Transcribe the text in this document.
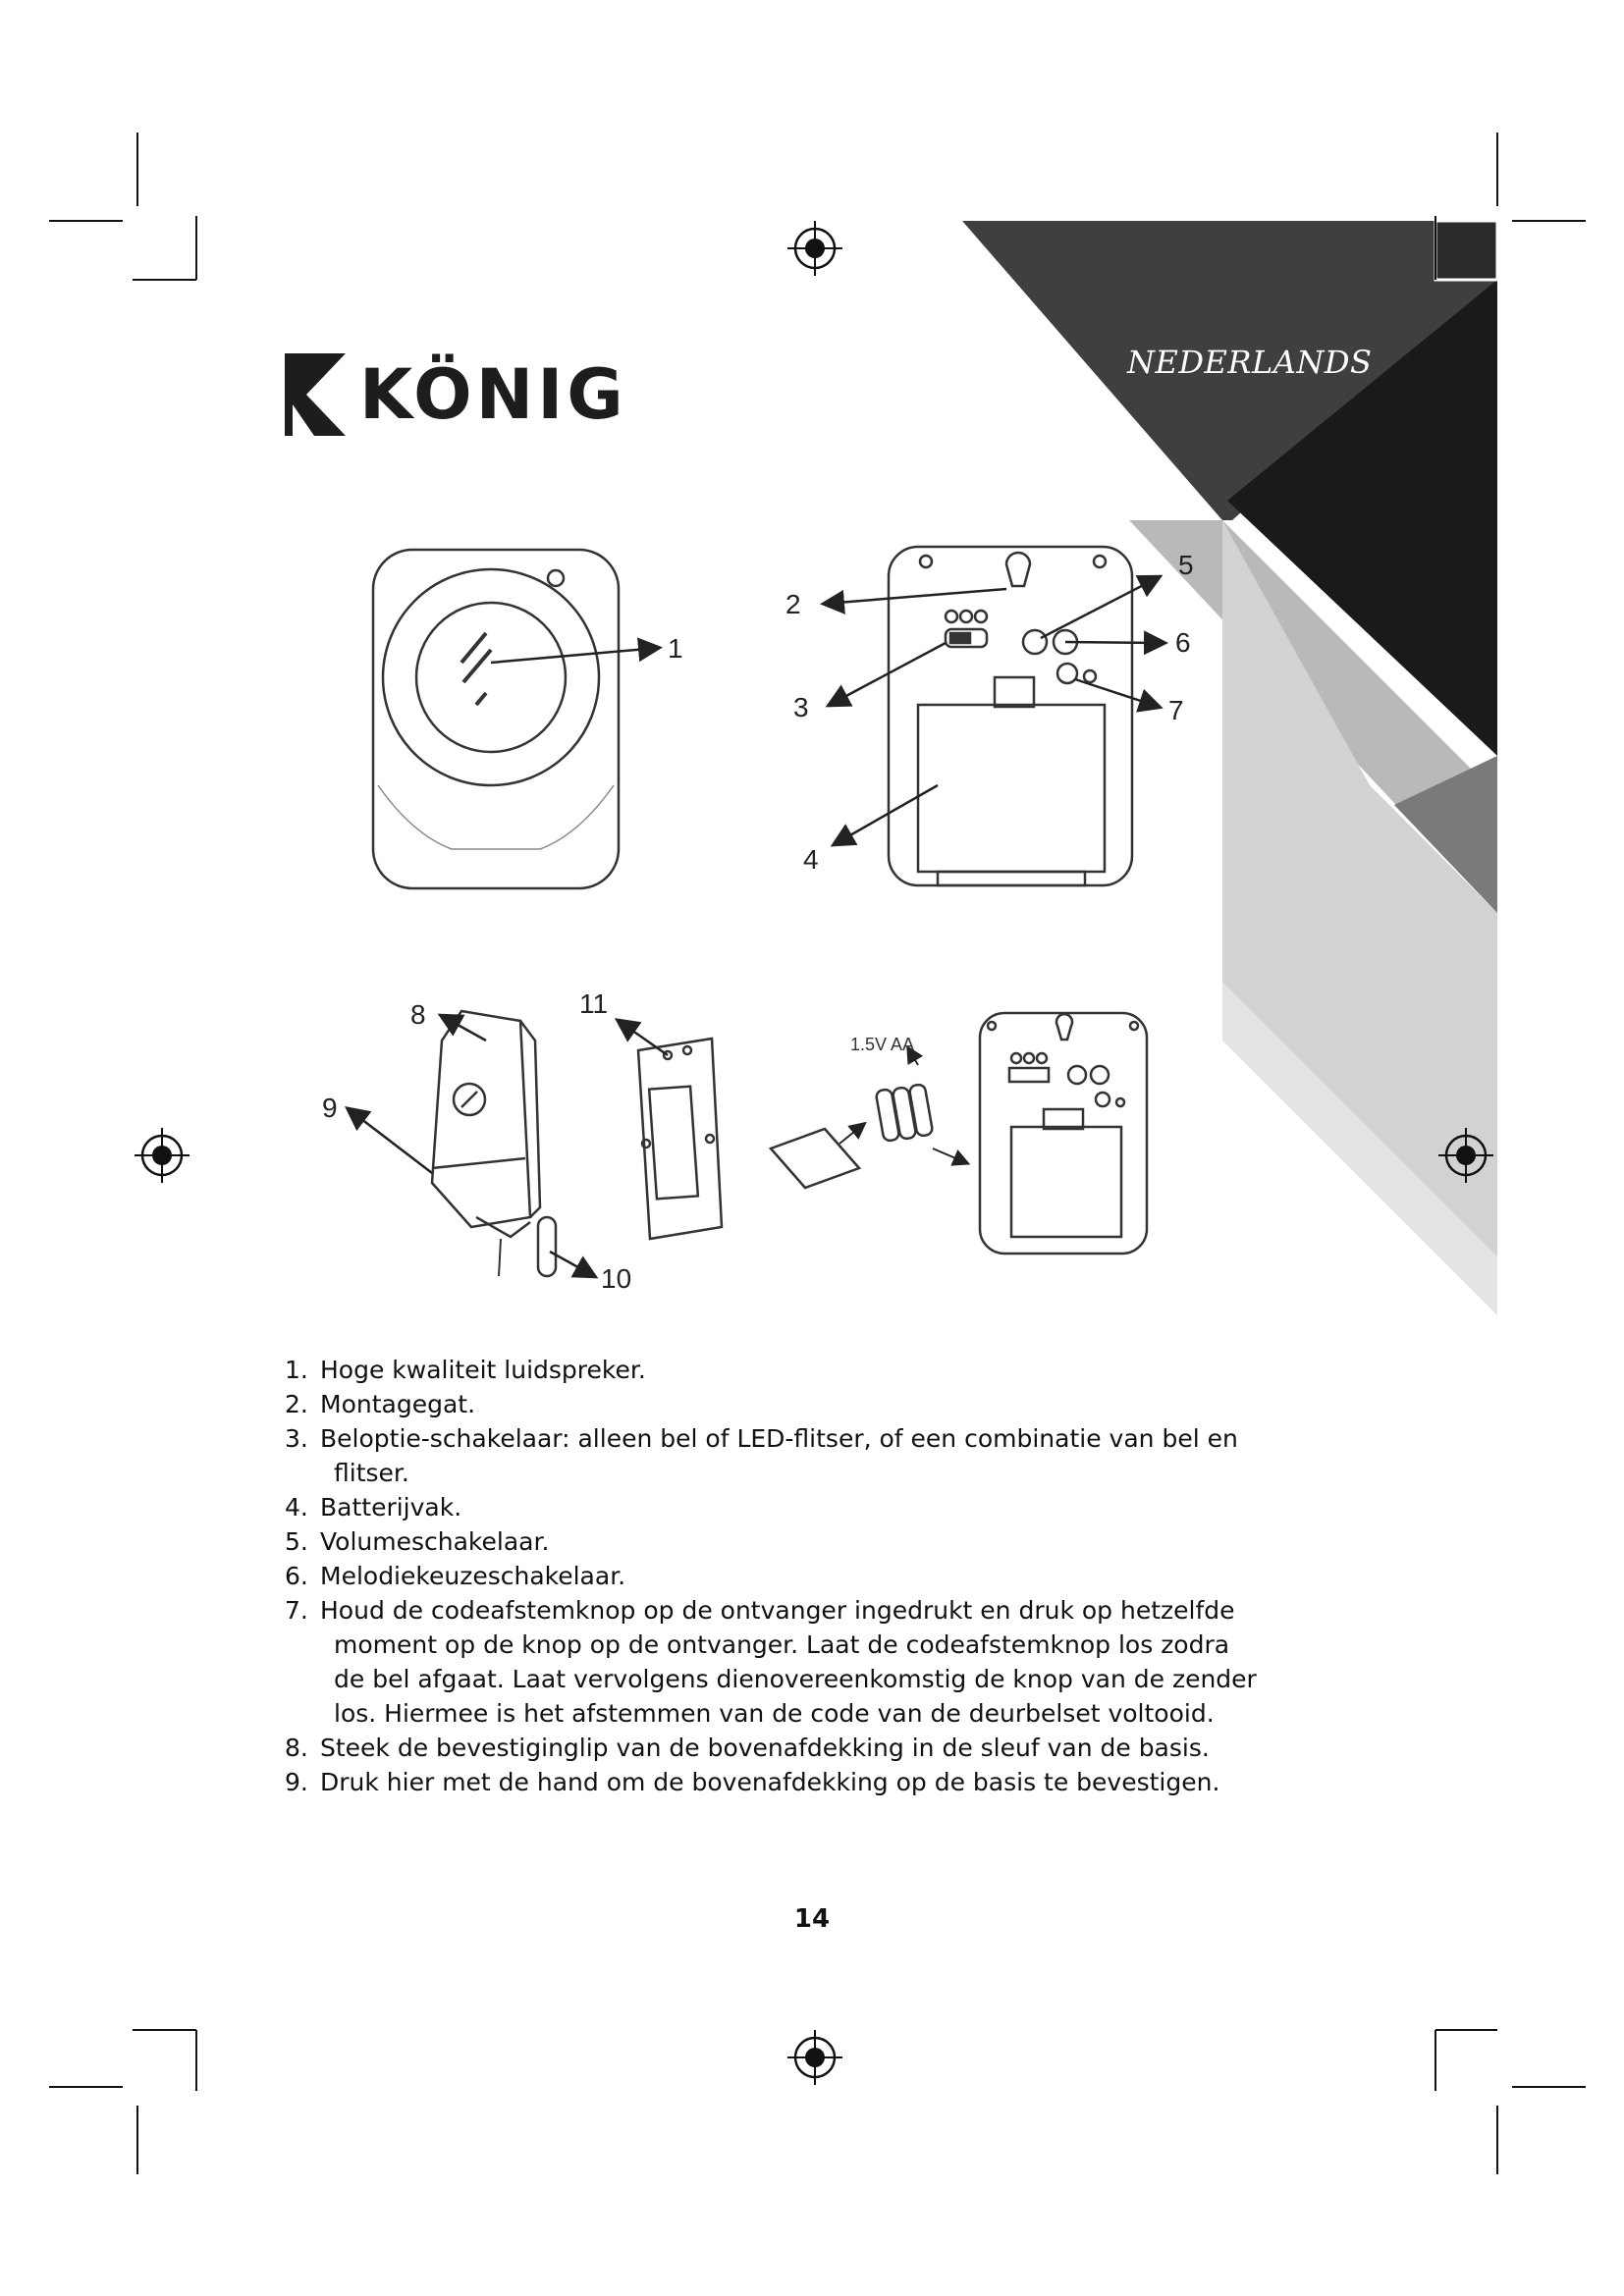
NEDERLANDS
KÖNIG
1
2
3
4
5
6
7
8
9
10
11
1.5V AA
1. Hoge kwaliteit luidspreker.
2. Montagegat.
3. Beloptie-schakelaar: alleen bel of LED-flitser, of een combinatie van bel en flitser.
4. Batterijvak.
5. Volumeschakelaar.
6. Melodiekeuzeschakelaar.
7. Houd de codeafstemknop op de ontvanger ingedrukt en druk op hetzelfde moment op de knop op de ontvanger. Laat de codeafstemknop los zodra de bel afgaat. Laat vervolgens dienovereenkomstig de knop van de zender los. Hiermee is het afstemmen van de code van de deurbelset voltooid.
8. Steek de bevestiginglip van de bovenafdekking in de sleuf van de basis.
9. Druk hier met de hand om de bovenafdekking op de basis te bevestigen.
14
